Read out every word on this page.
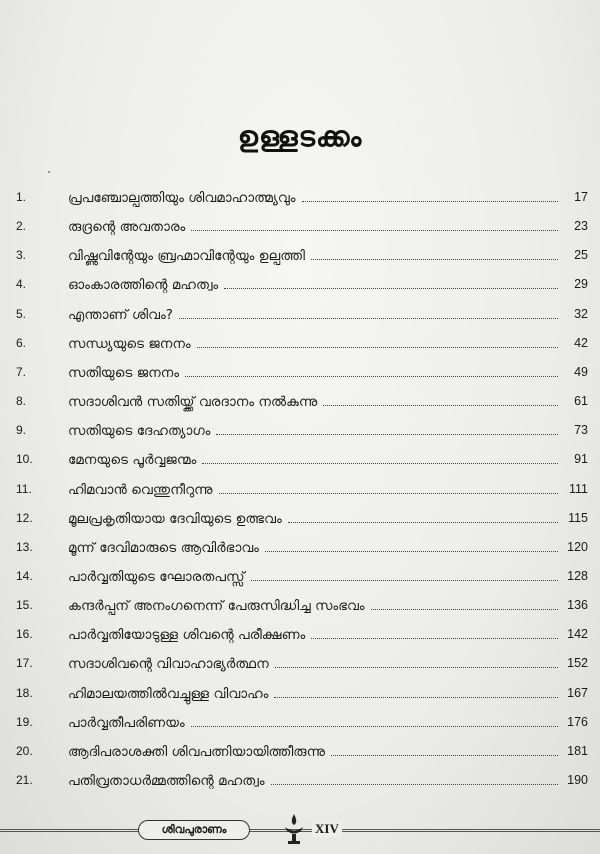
ഉള്ളടക്കം
1.	പ്രപഞ്ചോല്പത്തിയും ശിവമാഹാത്മ്യവും	17
2.	രുദ്രന്റെ അവതാരം	23
3.	വിഷ്ണുവിന്റേയും ബ്രഹ്മാവിന്റേയും ഉല്പത്തി	25
4.	ഓംകാരത്തിന്റെ മഹത്വം	29
5.	എന്താണ് ശിവം?	32
6.	സന്ധ്യയുടെ ജനനം	42
7.	സതിയുടെ ജനനം	49
8.	സദാശിവൻ സതിയ്ക്ക് വരദാനം നൽകുന്നു	61
9.	സതിയുടെ ദേഹത്യാഗം	73
10.	മേനയുടെ പൂർവ്വജന്മം	91
11.	ഹിമവാൻ വെന്തുനീറുന്നു	111
12.	മൂലപ്രകൃതിയായ ദേവിയുടെ ഉത്ഭവം	115
13.	മൂന്ന് ദേവിമാരുടെ ആവിർഭാവം	120
14.	പാർവ്വതിയുടെ ഘോരതപസ്സ്	128
15.	കന്ദർപ്പന് അനംഗനെന്ന് പേരുസിദ്ധിച്ച സംഭവം	136
16.	പാർവ്വതിയോടുള്ള ശിവന്റെ പരീക്ഷണം	142
17.	സദാശിവന്റെ വിവാഹാഭ്യർത്ഥന	152
18.	ഹിമാലയത്തിൽവച്ചുള്ള വിവാഹം	167
19.	പാർവ്വതീപരിണയം	176
20.	ആദിപരാശക്തി ശിവപത്നിയായിത്തീരുന്നു	181
21.	പതിവ്രതാധർമ്മത്തിന്റെ മഹത്വം	190
ശിവപുരാണം	XIV
